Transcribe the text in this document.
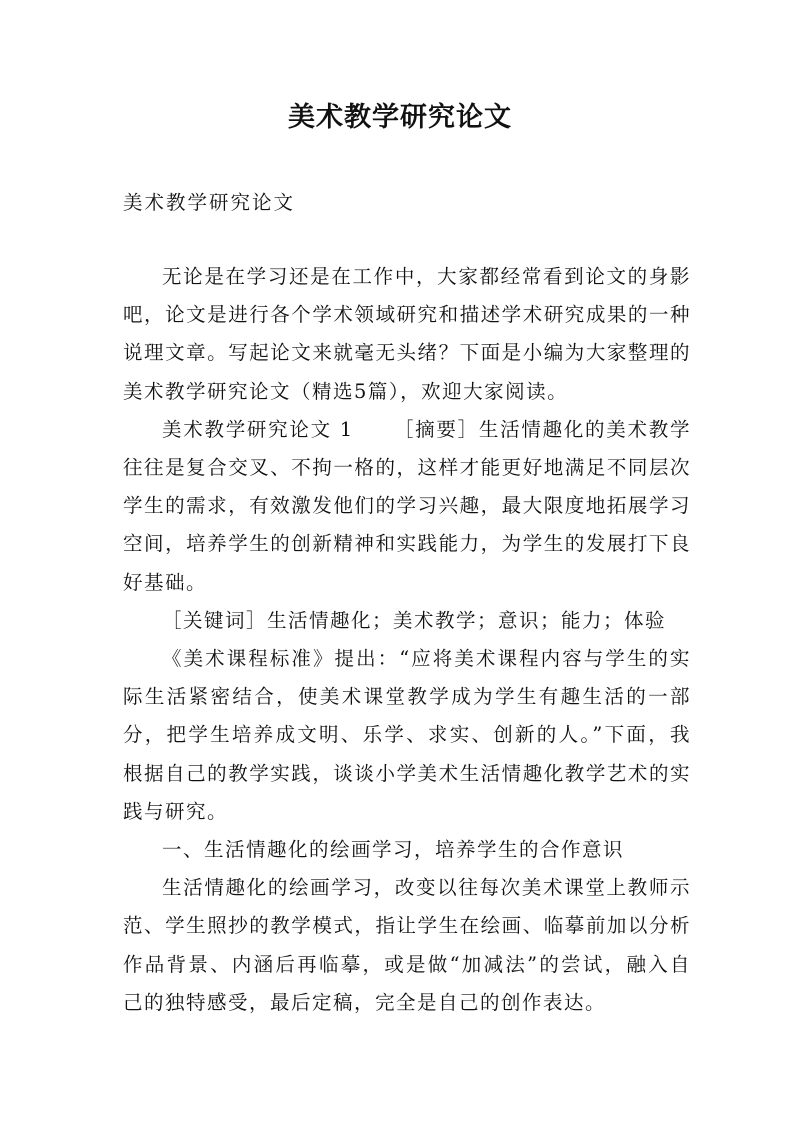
美术教学研究论文
美术教学研究论文

无论是在学习还是在工作中，大家都经常看到论文的身影吧，论文是进行各个学术领域研究和描述学术研究成果的一种说理文章。写起论文来就毫无头绪？下面是小编为大家整理的美术教学研究论文（精选5篇），欢迎大家阅读。

美术教学研究论文 1 ［摘要］生活情趣化的美术教学往往是复合交叉、不拘一格的，这样才能更好地满足不同层次学生的需求，有效激发他们的学习兴趣，最大限度地拓展学习空间，培养学生的创新精神和实践能力，为学生的发展打下良好基础。

［关键词］生活情趣化；美术教学；意识；能力；体验

《美术课程标准》提出：“应将美术课程内容与学生的实际生活紧密结合，使美术课堂教学成为学生有趣生活的一部分，把学生培养成文明、乐学、求实、创新的人。”下面，我根据自己的教学实践，谈谈小学美术生活情趣化教学艺术的实践与研究。

一、生活情趣化的绘画学习，培养学生的合作意识

生活情趣化的绘画学习，改变以往每次美术课堂上教师示范、学生照抄的教学模式，指让学生在绘画、临摹前加以分析作品背景、内涵后再临摹，或是做“加减法”的尝试，融入自己的独特感受，最后定稿，完全是自己的创作表达。
